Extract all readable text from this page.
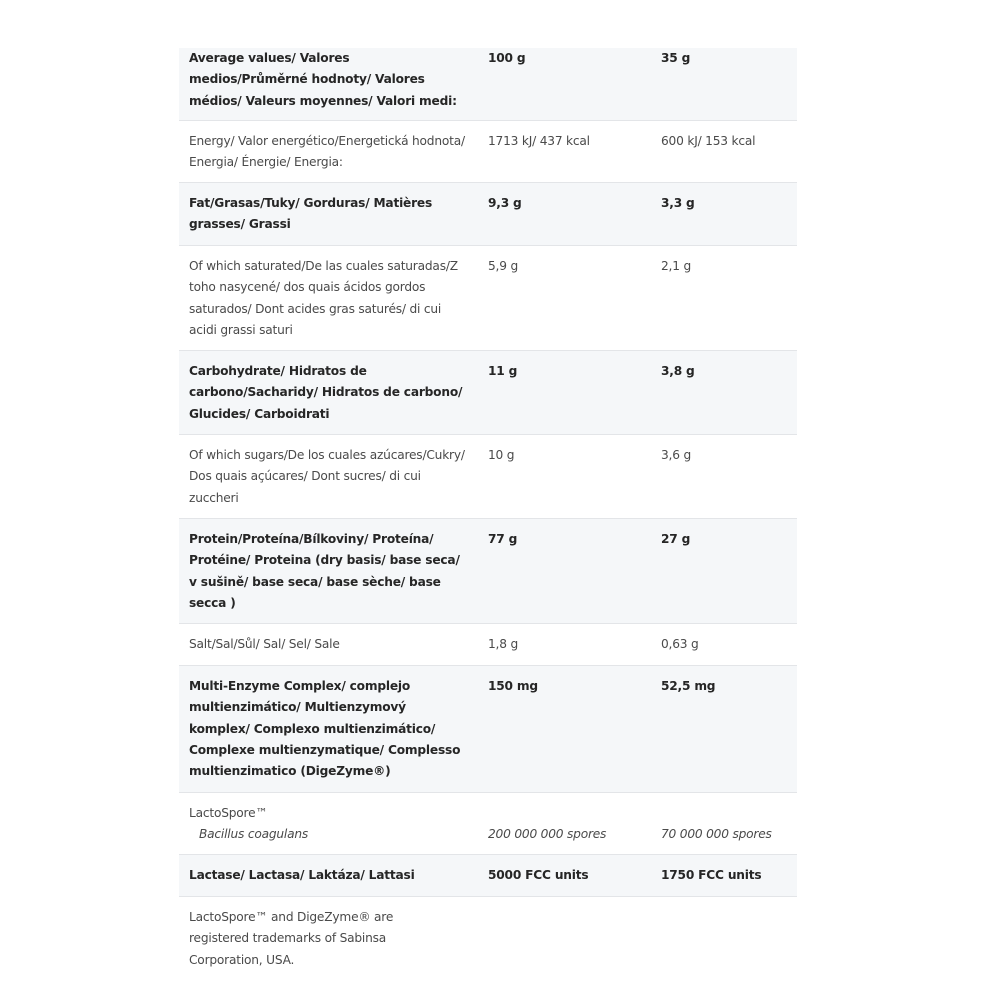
Average values/ Valores medios/Průměrné hodnoty/ Valores médios/ Valeurs moyennes/ Valori medi:
100 g	35 g
Energy/ Valor energético/Energetická hodnota/ Energia/ Énergie/ Energia:
1713 kJ/ 437 kcal	600 kJ/ 153 kcal
Fat/Grasas/Tuky/ Gorduras/ Matières grasses/ Grassi
9,3 g	3,3 g
Of which saturated/De las cuales saturadas/Z toho nasycené/ dos quais ácidos gordos saturados/ Dont acides gras saturés/ di cui acidi grassi saturi
5,9 g	2,1 g
Carbohydrate/ Hidratos de carbono/Sacharidy/ Hidratos de carbono/ Glucides/ Carboidrati
11 g	3,8 g
Of which sugars/De los cuales azúcares/Cukry/ Dos quais açúcares/ Dont sucres/ di cui zuccheri
10 g	3,6 g
Protein/Proteína/Bílkoviny/ Proteína/ Protéine/ Proteina (dry basis/ base seca/ v sušině/ base seca/ base sèche/ base secca )
77 g	27 g
Salt/Sal/Sůl/ Sal/ Sel/ Sale	1,8 g	0,63 g
Multi-Enzyme Complex/ complejo multienzimático/ Multienzymový komplex/ Complexo multienzimático/ Complexe multienzymatique/ Complesso multienzimatico (DigeZyme®)
150 mg	52,5 mg
LactoSpore™
Bacillus coagulans	200 000 000 spores	70 000 000 spores
Lactase/ Lactasa/ Laktáza/ Lattasi	5000 FCC units	1750 FCC units
LactoSpore™ and DigeZyme® are registered trademarks of Sabinsa Corporation, USA.
